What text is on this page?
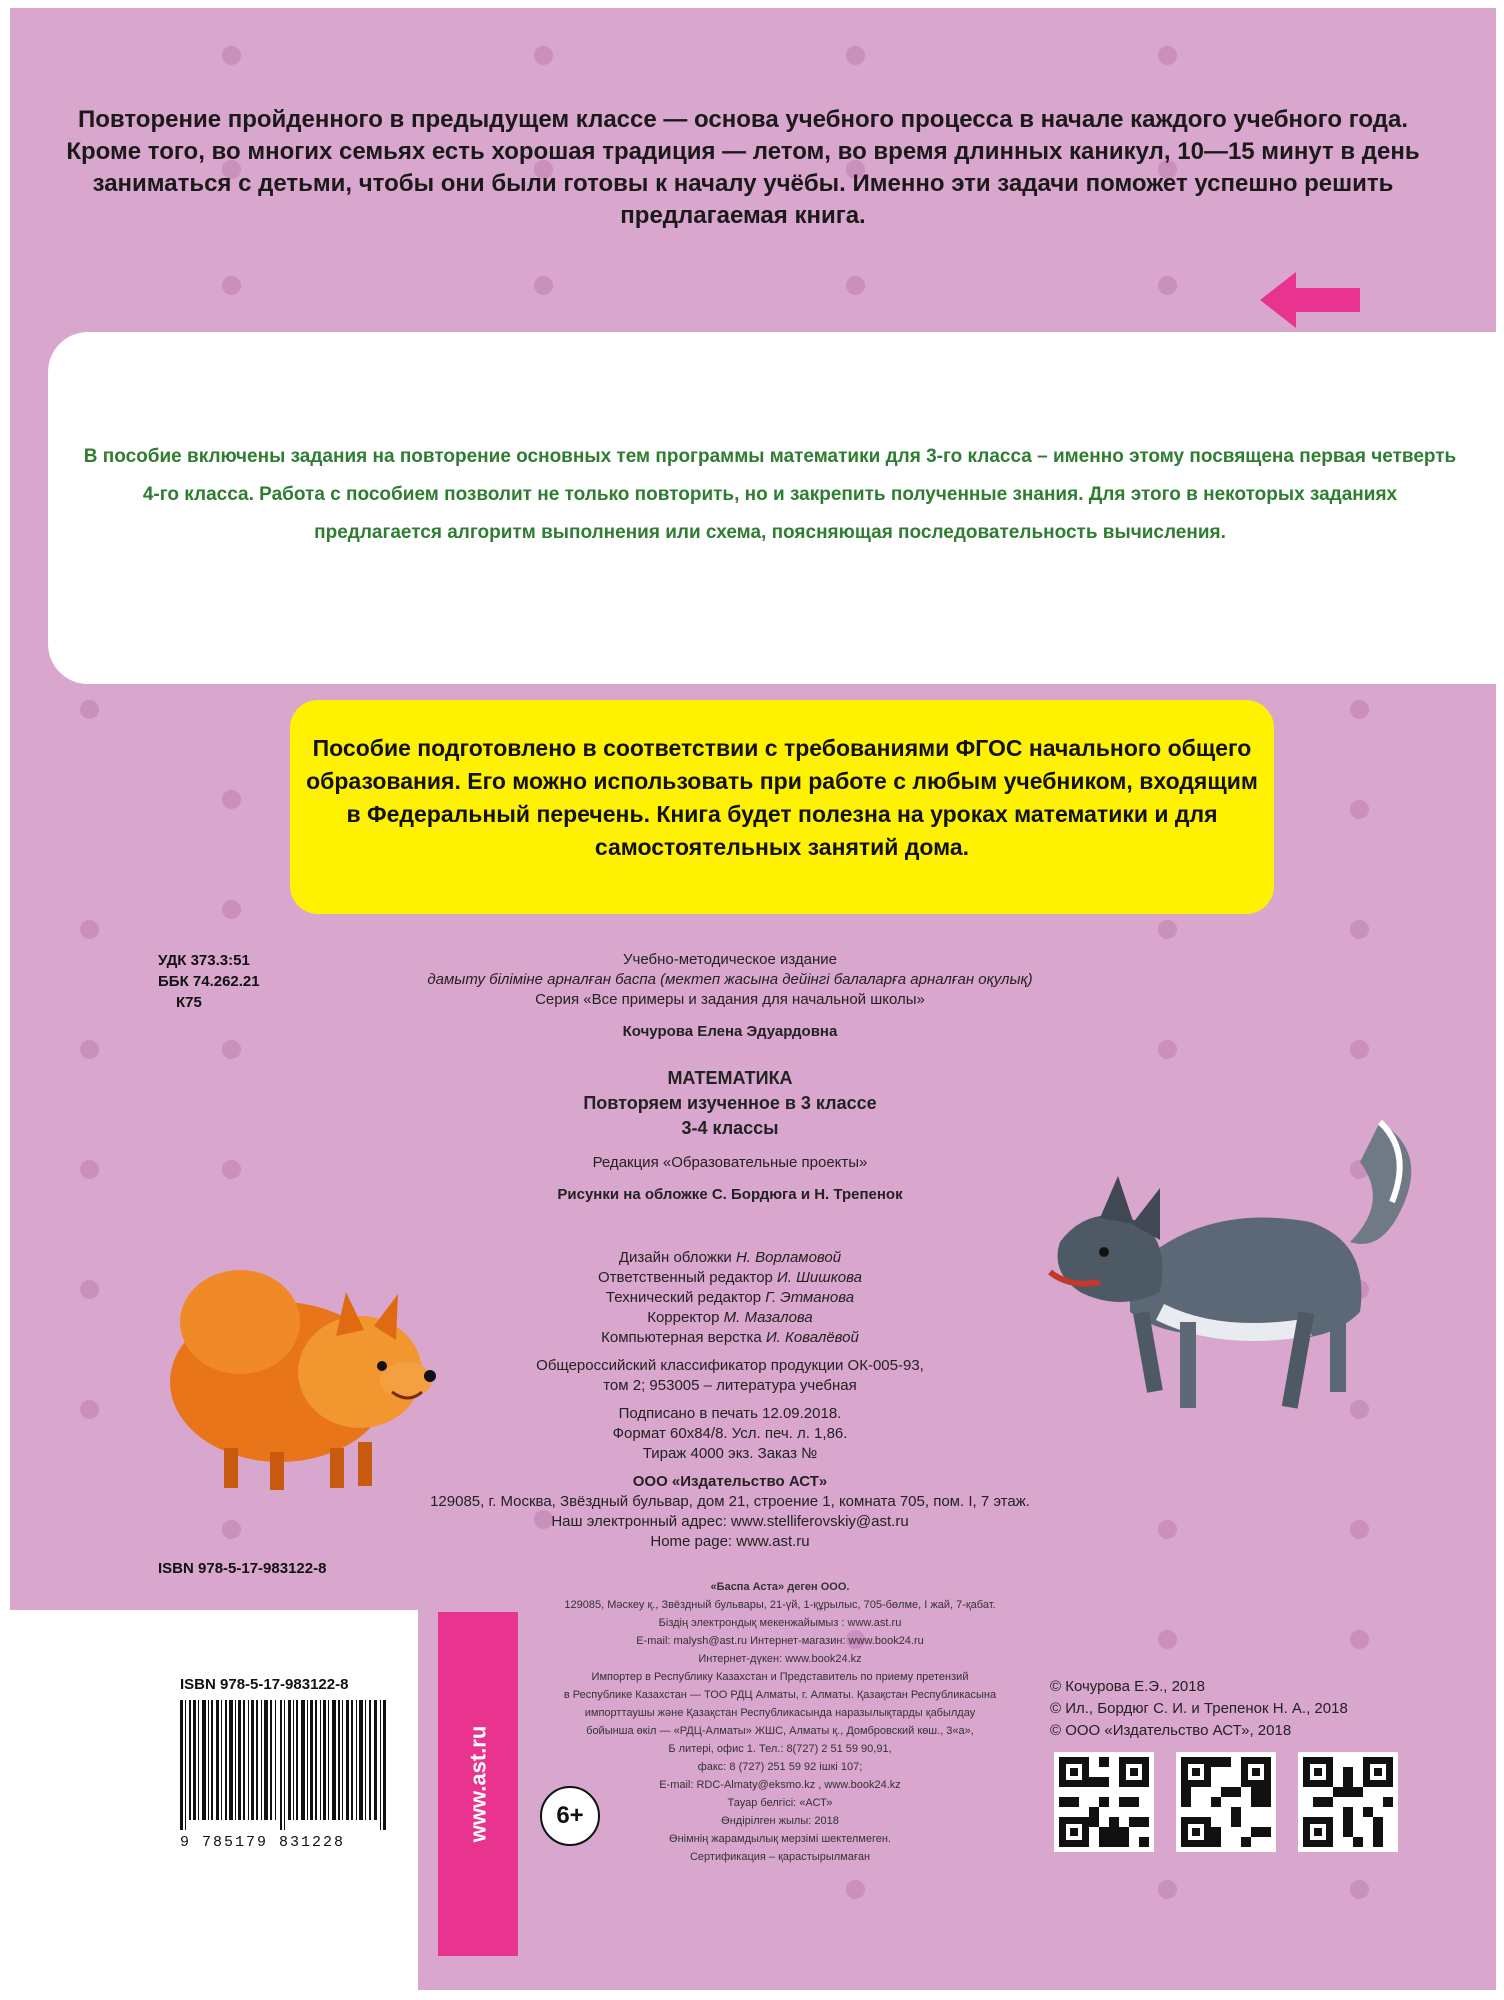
Повторение пройденного в предыдущем классе — основа учебного процесса в начале каждого учебного года. Кроме того, во многих семьях есть хорошая традиция — летом, во время длинных каникул, 10—15 минут в день заниматься с детьми, чтобы они были готовы к началу учёбы. Именно эти задачи поможет успешно решить предлагаемая книга.

В пособие включены задания на повторение основных тем программы математики для 3-го класса – именно этому посвящена первая четверть 4-го класса. Работа с пособием позволит не только повторить, но и закрепить полученные знания. Для этого в некоторых заданиях предлагается алгоритм выполнения или схема, поясняющая последовательность вычисления.

Пособие подготовлено в соответствии с требованиями ФГОС начального общего образования. Его можно использовать при работе с любым учебником, входящим в Федеральный перечень. Книга будет полезна на уроках математики и для самостоятельных занятий дома.

УДК 373.3:51
ББК 74.262.21
К75
Учебно-методическое издание
дамыту біліміне арналған баспа (мектеп жасына дейінгі балаларға арналған оқулық)
Серия «Все примеры и задания для начальной школы»
Кочурова Елена Эдуардовна
МАТЕМАТИКА
Повторяем изученное в 3 классе
3-4 классы
Редакция «Образовательные проекты»
Рисунки на обложке С. Бордюга и Н. Трепенок
Дизайн обложки Н. Ворламовой
Ответственный редактор И. Шишкова
Технический редактор Г. Этманова
Корректор М. Мазалова
Компьютерная верстка И. Ковалёвой
Общероссийский классификатор продукции ОК-005-93,
том 2; 953005 – литература учебная
Подписано в печать 12.09.2018.
Формат 60х84/8. Усл. печ. л. 1,86.
Тираж 4000 экз. Заказ №
ООО «Издательство АСТ»
129085, г. Москва, Звёздный бульвар, дом 21, строение 1, комната 705, пом. I, 7 этаж.
Наш электронный адрес: www.stelliferovskiy@ast.ru
Home page: www.ast.ru
ISBN 978-5-17-983122-8
«Баспа Аста» деген ООО.
129085, Мәскеу қ., Звёздный бульвары, 21-үй, 1-құрылыс, 705-бөлме, I жай, 7-қабат.
Біздің электрондық мекенжайымыз : www.ast.ru
E-mail: malysh@ast.ru Интернет-магазин: www.book24.ru
Интернет-дүкен: www.book24.kz
Импортер в Республику Казахстан и Представитель по приему претензий
в Республике Казахстан — ТОО РДЦ Алматы, г. Алматы. Қазақстан Республикасына
импорттаушы және Қазақстан Республикасында наразылықтарды қабылдау
бойынша өкіл — «РДЦ-Алматы» ЖШС, Алматы қ., Домбровский көш., 3«а»,
Б литері, офис 1. Тел.: 8(727) 2 51 59 90,91,
факс: 8 (727) 251 59 92 ішкі 107;
E-mail: RDC-Almaty@eksmo.kz , www.book24.kz
Тауар белгісі: «АСТ»
Өндірілген жылы: 2018
Өнімнің жарамдылық мерзімі шектелмеген.
Сертификация – қарастырылмаған
© Кочурова Е.Э., 2018
© Ил., Бордюг С. И. и Трепенок Н. А., 2018
© ООО «Издательство АСТ», 2018
ISBN 978-5-17-983122-8
9 785179 831228
www.ast.ru	6+
